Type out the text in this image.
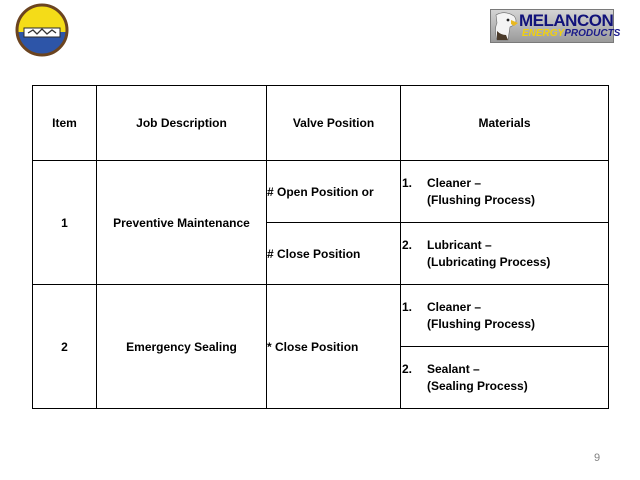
MELANCON
ENERGYPRODUCTS
Item	Job Description	Valve Position	Materials
1	Preventive Maintenance	# Open Position or	1. Cleaner –
(Flushing Process)

		# Close Position	2. Lubricant –
(Lubricating Process)

2	Emergency Sealing	* Close Position	1. Cleaner –
(Flushing Process)

			2. Sealant –
(Sealing Process)
9
